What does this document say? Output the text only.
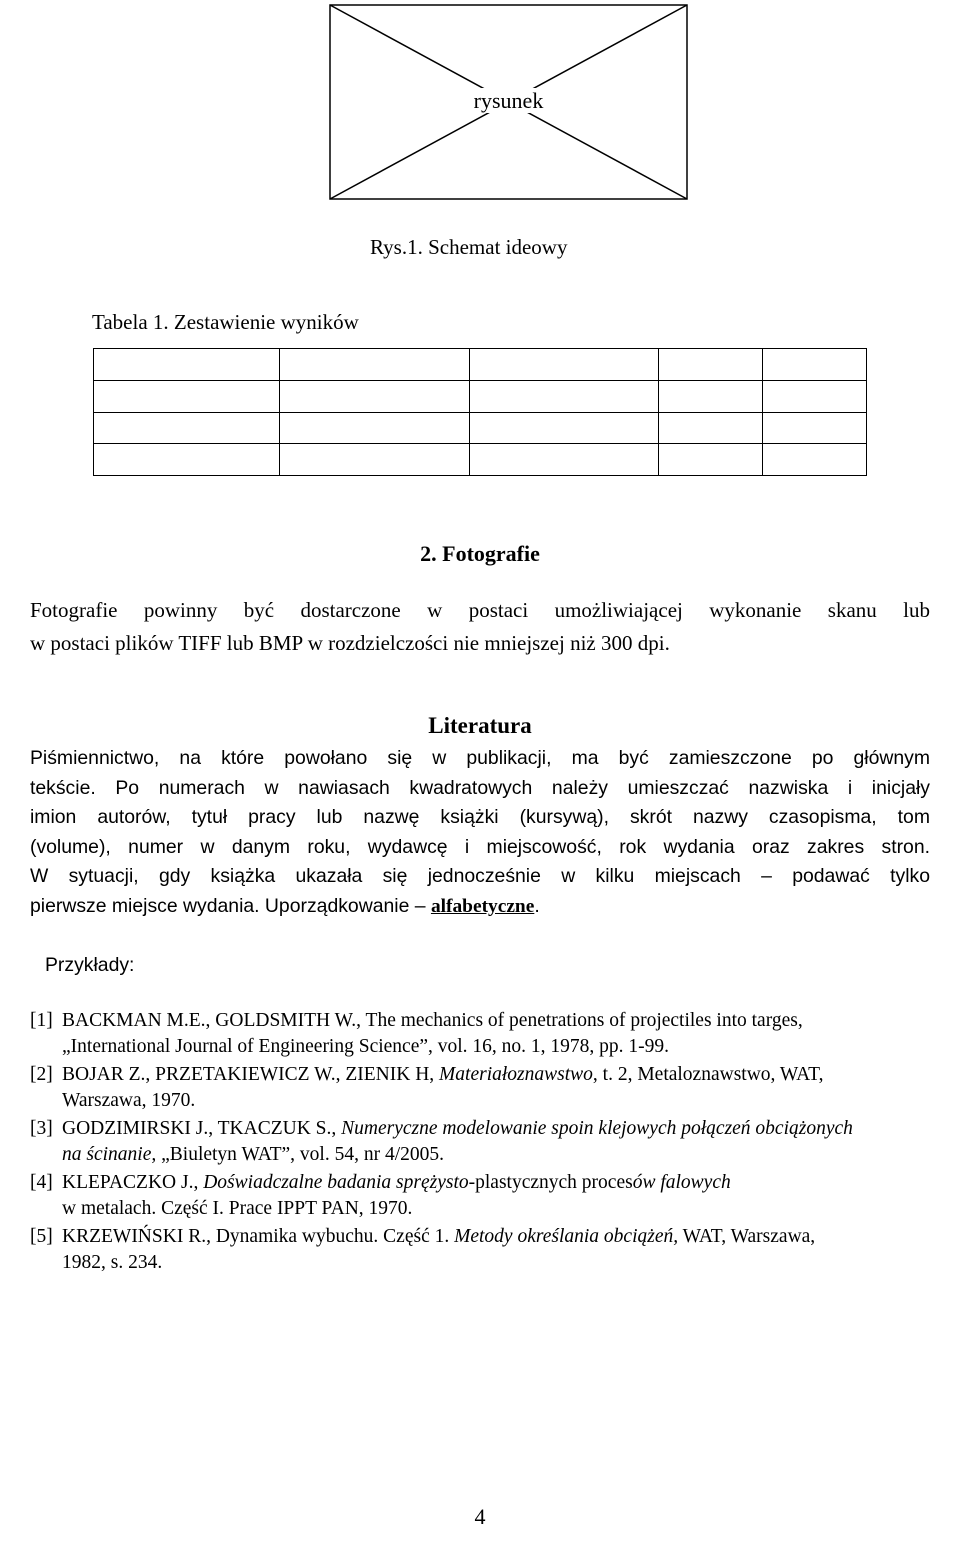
rysunek
Rys.1. Schemat ideowy
Tabela 1. Zestawienie wyników

2. Fotografie
Fotografie powinny być dostarczone w postaci umożliwiającej wykonanie skanu lub
w postaci plików TIFF lub BMP w rozdzielczości nie mniejszej niż 300 dpi.
Literatura
Piśmiennictwo, na które powołano się w publikacji, ma być zamieszczone po głównym
tekście. Po numerach w nawiasach kwadratowych należy umieszczać nazwiska i inicjały
imion autorów, tytuł pracy lub nazwę książki (kursywą), skrót nazwy czasopisma, tom
(volume), numer w danym roku, wydawcę i miejscowość, rok wydania oraz zakres stron.
W sytuacji, gdy książka ukazała się jednocześnie w kilku miejscach – podawać tylko
pierwsze miejsce wydania. Uporządkowanie – alfabetyczne.
Przykłady:
[1] BACKMAN M.E., GOLDSMITH W., The mechanics of penetrations of projectiles into targes,
„International Journal of Engineering Science”, vol. 16, no. 1, 1978, pp. 1-99.
[2] BOJAR Z., PRZETAKIEWICZ W., ZIENIK H, Materiałoznawstwo, t. 2, Metaloznawstwo, WAT,
Warszawa, 1970.
[3] GODZIMIRSKI J., TKACZUK S., Numeryczne modelowanie spoin klejowych połączeń obciążonych
na ścinanie, „Biuletyn WAT”, vol. 54, nr 4/2005.
[4] KLEPACZKO J., Doświadczalne badania sprężysto-plastycznych procesów falowych
w metalach. Część I. Prace IPPT PAN, 1970.
[5] KRZEWIŃSKI R., Dynamika wybuchu. Część 1. Metody określania obciążeń, WAT, Warszawa,
1982, s. 234.
4
